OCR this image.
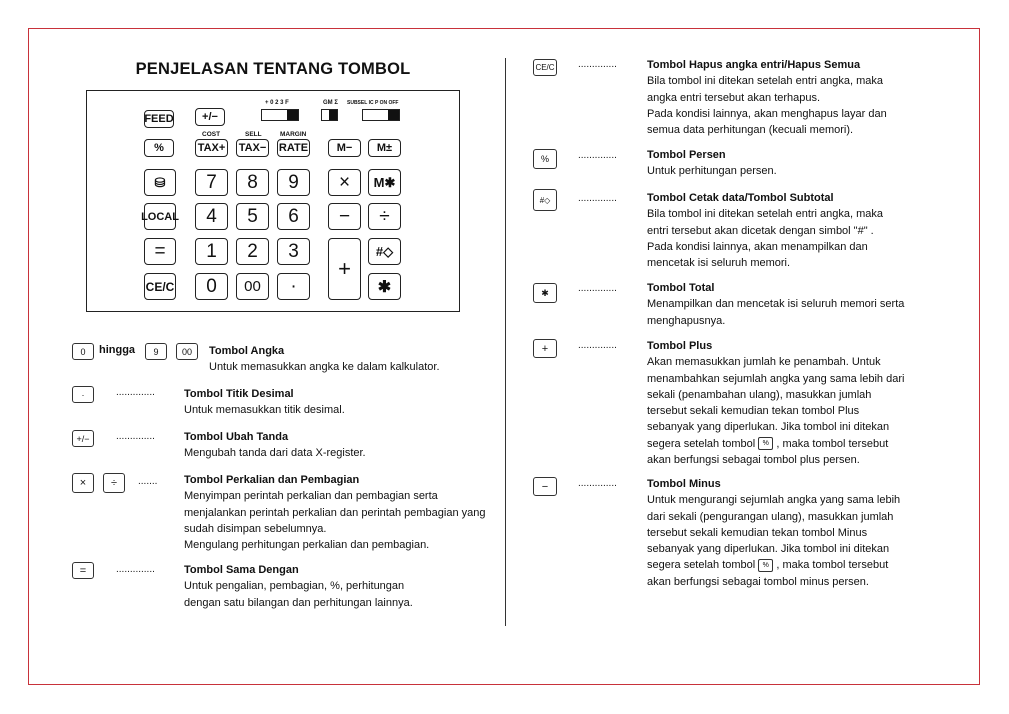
PENJELASAN TENTANG TOMBOL
+ 0 2 3 F	GM Σ SUBSEL IC P ON OFF
FEED	+/−
COST	SELL	MARGIN
%	TAX+ TAX− RATE	M−	M±
⛁	7	8	9	×	M✱
LOCAL	4	5	6	−	÷
=	1	2	3
+
#◇
CE/C	0	00	·	✱
0	hingga	9	00	Tombol Angka
Untuk memasukkan angka ke dalam kalkulator.
·	..............	Tombol Titik Desimal
Untuk memasukkan titik desimal.
+/−	..............	Tombol Ubah Tanda
Mengubah tanda dari data X-register.
×	÷	....... Tombol Perkalian dan Pembagian
Menyimpan perintah perkalian dan pembagian serta
menjalankan perintah perkalian dan perintah pembagian yang
sudah disimpan sebelumnya.
Mengulang perhitungan perkalian dan pembagian.
=	..............	Tombol Sama Dengan
Untuk pengalian, pembagian, %, perhitungan
dengan satu bilangan dan perhitungan lainnya.
CE/C ..............	Tombol Hapus angka entri/Hapus Semua
Bila tombol ini ditekan setelah entri angka, maka
angka entri tersebut akan terhapus.
Pada kondisi lainnya, akan menghapus layar dan
semua data perhitungan (kecuali memori).
%	..............	Tombol Persen
Untuk perhitungan persen.
#◇	..............	Tombol Cetak data/Tombol Subtotal
Bila tombol ini ditekan setelah entri angka, maka
entri tersebut akan dicetak dengan simbol "#" .
Pada kondisi lainnya, akan menampilkan dan
mencetak isi seluruh memori.
✱	..............	Tombol Total
Menampilkan dan mencetak isi seluruh memori serta
menghapusnya.
+	..............	Tombol Plus
Akan memasukkan jumlah ke penambah. Untuk
menambahkan sejumlah angka yang sama lebih dari
sekali (penambahan ulang), masukkan jumlah
tersebut sekali kemudian tekan tombol Plus
sebanyak yang diperlukan. Jika tombol ini ditekan
segera setelah tombol % , maka tombol tersebut
akan berfungsi sebagai tombol plus persen.
−	..............	Tombol Minus
Untuk mengurangi sejumlah angka yang sama lebih
dari sekali (pengurangan ulang), masukkan jumlah
tersebut sekali kemudian tekan tombol Minus
sebanyak yang diperlukan. Jika tombol ini ditekan
segera setelah tombol % , maka tombol tersebut
akan berfungsi sebagai tombol minus persen.
